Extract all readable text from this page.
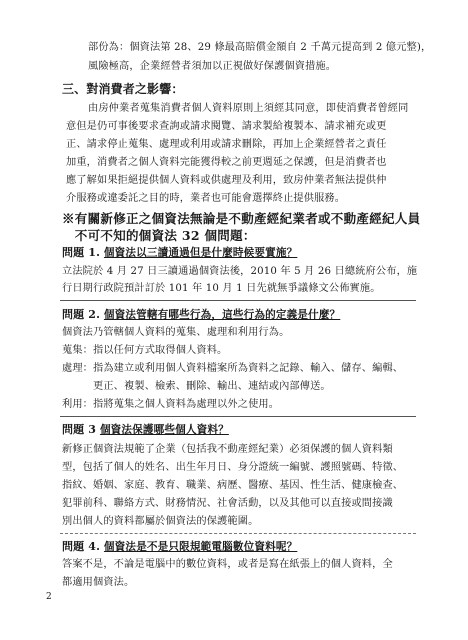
部份為：個資法第 28、29 條最高賠償金額自 2 千萬元提高到 2 億元整)，
風險極高，企業經營者須加以正視做好保護個資措施。
三、對消費者之影響：
由房仲業者蒐集消費者個人資料原則上須經其同意，即使消費者曾經同
意但是仍可事後要求查詢或請求閱覽、請求製給複製本、請求補充或更
正、請求停止蒐集、處理或利用或請求刪除，再加上企業經營者之責任
加重，消費者之個人資料完能獲得較之前更週延之保護，但是消費者也
應了解如果拒絕提供個人資料或供處理及利用，致房仲業者無法提供仲
介服務或違委託之目的時，業者也可能會選擇終止提供服務。
※有關新修正之個資法無論是不動產經紀業者或不動產經紀人員
　不可不知的個資法 32 個問題：
問題 1. 個資法以三讀通過但是什麼時候要實施？
立法院於 4 月 27 日三讀通過個資法後，2010 年 5 月 26 日總統府公布，施
行日期行政院預計訂於 101 年 10 月 1 日先就無爭議條文公佈實施。
問題 2. 個資法管轄有哪些行為，這些行為的定義是什麼？
個資法乃管轄個人資料的蒐集、處理和利用行為。
蒐集：指以任何方式取得個人資料。
處理：指為建立或利用個人資料檔案所為資料之記錄、輸入、儲存、編輯、
　　　更正、複製、檢索、刪除、輸出、連結或內部傳送。
利用：指將蒐集之個人資料為處理以外之使用。
問題 3 個資法保護哪些個人資料？
新修正個資法規範了企業（包括我不動產經紀業）必須保護的個人資料類
型，包括了個人的姓名、出生年月日、身分證統一編號、護照號碼、特徵、
指紋、婚姻、家庭、教育、職業、病歷、醫療、基因、性生活、健康檢查、
犯罪前科、聯絡方式、財務情況、社會活動，以及其他可以直接或間接識
別出個人的資料都屬於個資法的保護範圍。
問題 4. 個資法是不是只限規範電腦數位資料呢？
答案不是，不論是電腦中的數位資料，或者是寫在紙張上的個人資料，全
都適用個資法。
2
